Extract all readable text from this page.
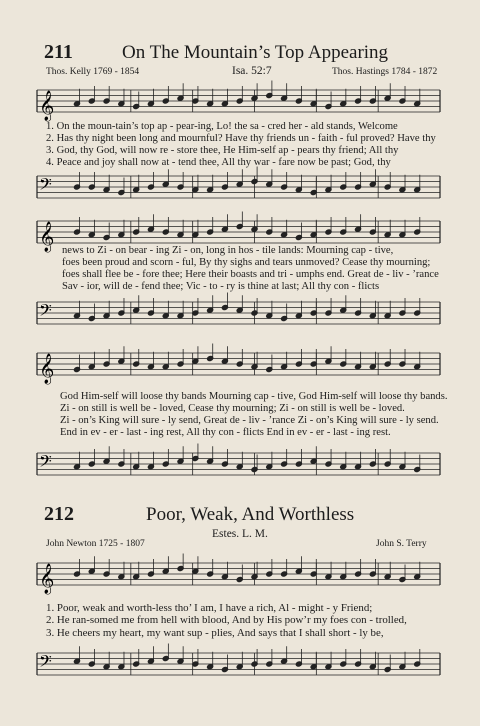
211	On The Mountain’s Top Appearing
Thos. Kelly 1769 - 1854	Isa. 52:7	Thos. Hastings 1784 - 1872
𝄞
1. On the moun-tain’s top ap - pear-ing, Lo! the sa - cred her - ald stands, Welcome
2. Has thy night been long and mournful? Have thy friends un - faith - ful proved? Have thy
3. God, thy God, will now re - store thee, He Him-self ap - pears thy friend; All thy
4. Peace and joy shall now at - tend thee, All thy war - fare now be past; God, thy
𝄢
𝄞 news to Zi - on bear - ing Zi - on, long in hos - tile lands: Mourning cap - tive,
foes been proud and scorn - ful, By thy sighs and tears unmoved? Cease thy mourning;
foes shall flee be - fore thee; Here their boasts and tri - umphs end. Great de - liv - ’rance
Sav - ior, will de - fend thee; Vic - to - ry is thine at last; All thy con - flicts
𝄢
𝄞
God Him-self will loose thy bands Mourning cap - tive, God Him-self will loose thy bands.
Zi - on still is well be - loved, Cease thy mourning; Zi - on still is well be - loved.
Zi - on’s King will sure - ly send, Great de - liv - ’rance Zi - on’s King will sure - ly send.
End in ev - er - last - ing rest, All thy con - flicts End in ev - er - last - ing rest.
𝄢
212	Poor, Weak, And Worthless
Estes. L. M.
John Newton 1725 - 1807	John S. Terry
𝄞
1. Poor, weak and worth-less tho’ I am, I have a rich, Al - might - y Friend;
2. He ran-somed me from hell with blood, And by His pow’r my foes con - trolled,
3. He cheers my heart, my want sup - plies, And says that I shall short - ly be,
𝄢
